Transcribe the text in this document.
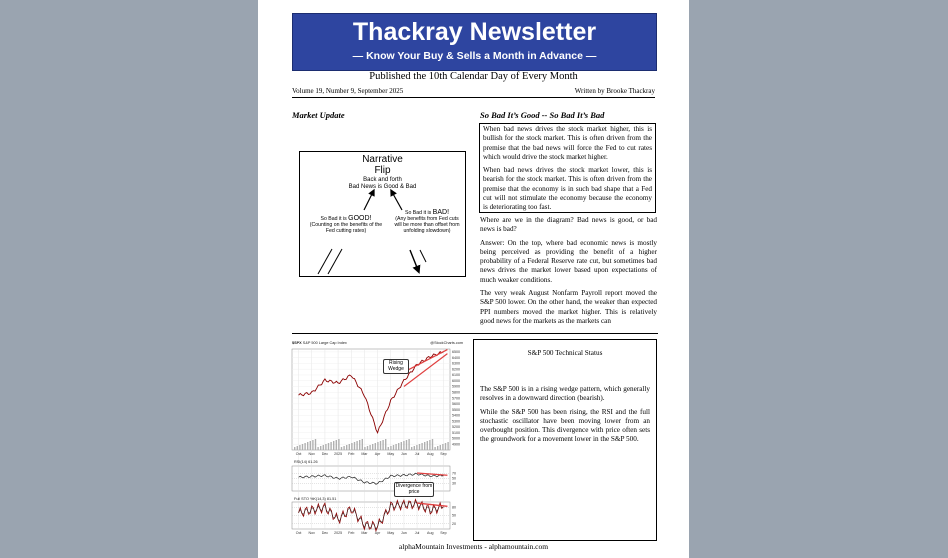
Thackray Newsletter
— Know Your Buy & Sells a Month in Advance —
Published the 10th Calendar Day of Every Month
Volume 19, Number 9, September 2025	Written by Brooke Thackray
Market Update	So Bad It’s Good -- So Bad It’s Bad
Narrative
Flip
Back and forth
Bad News is Good & Bad
So Bad it is GOOD!
(Counting on the benefits of the Fed cutting rates)
So Bad it is BAD!
(Any benefits from Fed cuts will be more than offset from unfolding slowdown)

When bad news drives the stock market higher, this is bullish for the stock market. This is often driven from the premise that the bad news will force the Fed to cut rates which would drive the stock market higher.

When bad news drives the stock market lower, this is bearish for the stock market. This is often driven from the premise that the economy is in such bad shape that a Fed cut will not stimulate the economy because the economy is deteriorating too fast.

Where are we in the diagram? Bad news is good, or bad news is bad?

Answer: On the top, where bad economic news is mostly being perceived as providing the benefit of a higher probability of a Federal Reserve rate cut, but sometimes bad news drives the market lower based upon expectations of much weaker conditions.

The very weak August Nonfarm Payroll report moved the S&P 500 lower. On the other hand, the weaker than expected PPI numbers moved the market higher. This is relatively good news for the markets as the markets can

Oct
Oct
Nov
Nov
Dec
Dec
2025
2025
Feb
Feb
Mar
Mar
Apr
Apr
May
May
Jun
Jun
Jul
Jul
Aug
Aug
Sep
Sep
6500
6400
6300
6200
6100
6000
5900
5800
5700
5600
5500
5400
5300
5200
5100
5000
4900
30
50
70
20
50
80
$SPX S&P 500 Large Cap Index	@StockCharts.com
Rising
Wedge
Divergence from
price
RSI(14) 61.26
Full STO %K(14,3) 81.51
S&P 500 Technical Status

The S&P 500 is in a rising wedge pattern, which generally resolves in a downward direction (bearish).

While the S&P 500 has been rising, the RSI and the full stochastic oscillator have been moving lower from an overbought position. This divergence with price often sets the groundwork for a movement lower in the S&P 500.

alphaMountain Investments - alphamountain.com
